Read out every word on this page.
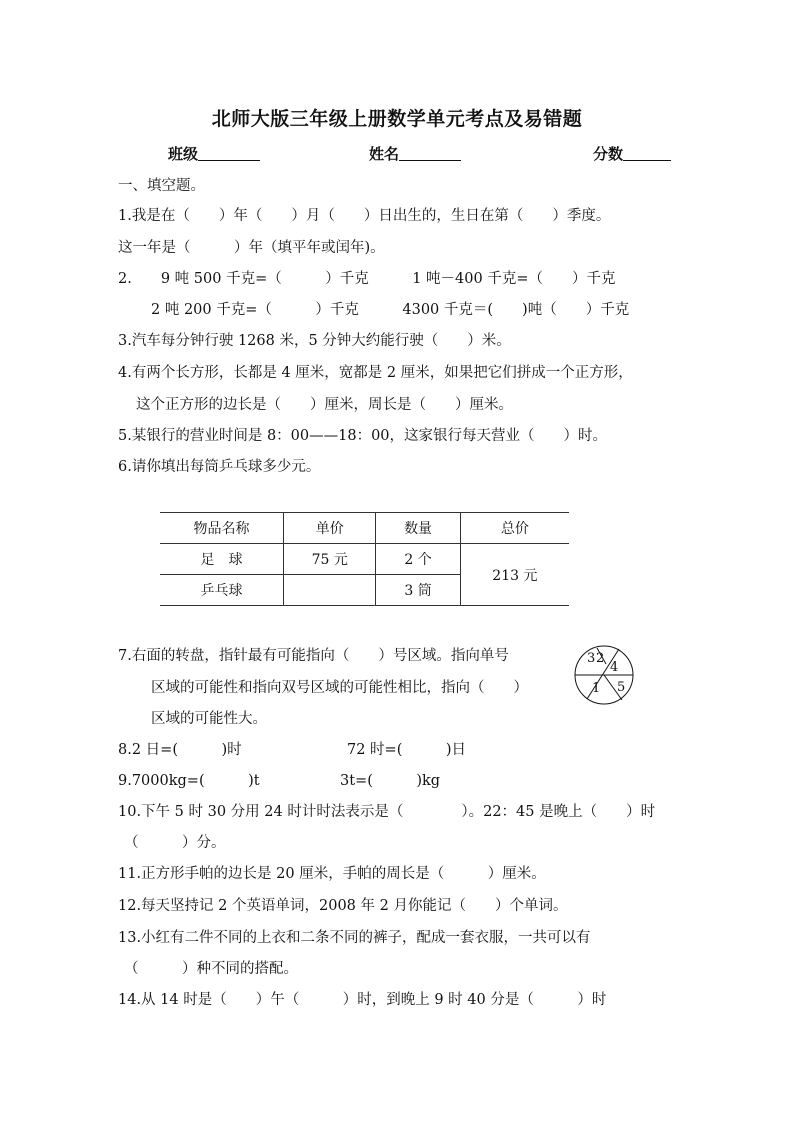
北师大版三年级上册数学单元考点及易错题
班级	姓名	分数
一、填空题。
1.我是在（　　）年（　　）月（　　）日出生的，生日在第（　　）季度。
这一年是（　　　）年（填平年或闰年)。
2.　　9 吨 500 千克=（　　　）千克　　　1 吨－400 千克=（　　）千克
2 吨 200 千克=（　　　）千克　　　4300 千克＝(　　)吨（　　）千克
3.汽车每分钟行驶 1268 米，5 分钟大约能行驶（　　）米。
4.有两个长方形，长都是 4 厘米，宽都是 2 厘米，如果把它们拼成一个正方形，
这个正方形的边长是（　　）厘米，周长是（　　）厘米。
5.某银行的营业时间是 8：00——18：00，这家银行每天营业（　　）时。
6.请你填出每筒乒乓球多少元。
物品名称	单价	数量	总价
足　球	75 元	2 个	213 元
乒乓球		3 筒	
7.右面的转盘，指针最有可能指向（　　）号区域。指向单号
区域的可能性和指向双号区域的可能性相比，指向（　　）
区域的可能性大。
3 2
4
1 5
8.2 日=(　　　)时	72 时=(　　　)日
9.7000kg=(　　　)t	3t=(　　　)kg
10.下午 5 时 30 分用 24 时计时法表示是（　　　　）。22：45 是晚上（　　）时
（　　　）分。
11.正方形手帕的边长是 20 厘米，手帕的周长是（　　　）厘米。
12.每天坚持记 2 个英语单词，2008 年 2 月你能记（　　）个单词。
13.小红有二件不同的上衣和二条不同的裤子，配成一套衣服，一共可以有
（　　　）种不同的搭配。
14.从 14 时是（　　）午（　　　）时，到晚上 9 时 40 分是（　　　）时
